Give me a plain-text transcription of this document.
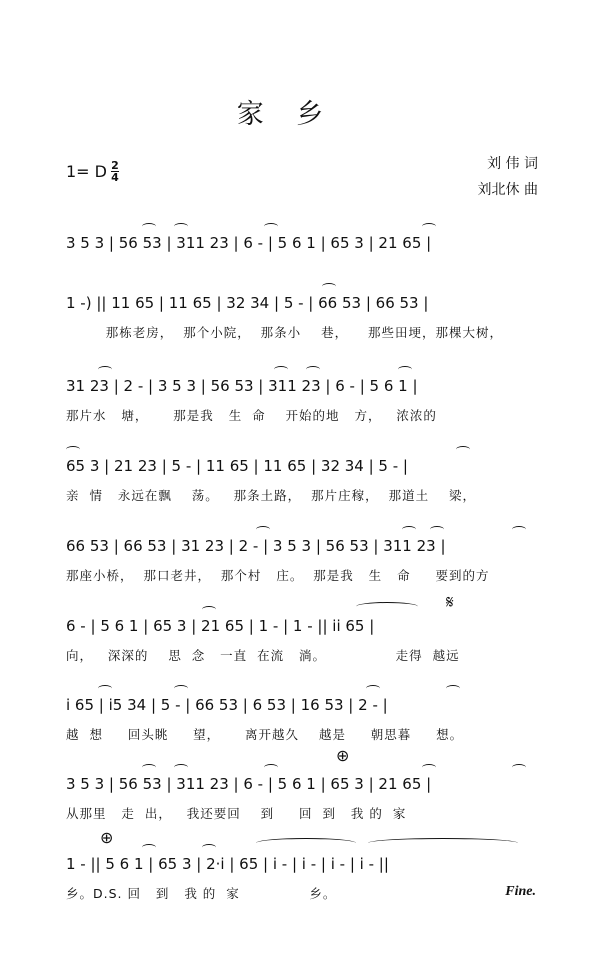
家 乡
1= D $\frac{2}{4}$	刘 伟 词
刘北休 曲
3 5 3 | 56 53 | 311 23 | 6 - | 5 6 1 | 65 3 | 21 65 |
1 -) || 11 65 | 11 65 | 32 34 | 5 - | 66 53 | 66 53 |
那栋老房，  那个小院，  那条小    巷，    那些田埂，那棵大树，
31 23 | 2 - | 3 5 3 | 56 53 | 311 23 | 6 - | 5 6 1 |
那片水   塘，     那是我   生  命    开始的地   方，   浓浓的
65 3 | 21 23 | 5 - | 11 65 | 11 65 | 32 34 | 5 - |
亲  情   永远在飘    荡。   那条土路，  那片庄稼，  那道土    梁，
66 53 | 66 53 | 31 23 | 2 - | 3 5 3 | 56 53 | 311 23 |
那座小桥，  那口老井，  那个村   庄。  那是我   生   命     要到的方
6 - | 5 6 1 | 65 3 | 21 65 | 1 - | 1 - || ii 65 |
𝄋
向，   深深的    思  念   一直  在流   淌。              走得  越远
i 65 | i5 34 | 5 - | 66 53 | 6 53 | 16 53 | 2 - |
越  想     回头眺     望，     离开越久    越是     朝思暮     想。
3 5 3 | 56 53 | 311 23 | 6 - | 5 6 1 | 65 3 | 21 65 |
⊕
从那里   走  出，   我还要回    到     回  到   我 的  家
1 - || 5 6 1 | 65 3 | 2·i | 65 | i - | i - | i - | i - ||
⊕
乡。D.S. 回   到   我 的  家              乡。	Fine.
